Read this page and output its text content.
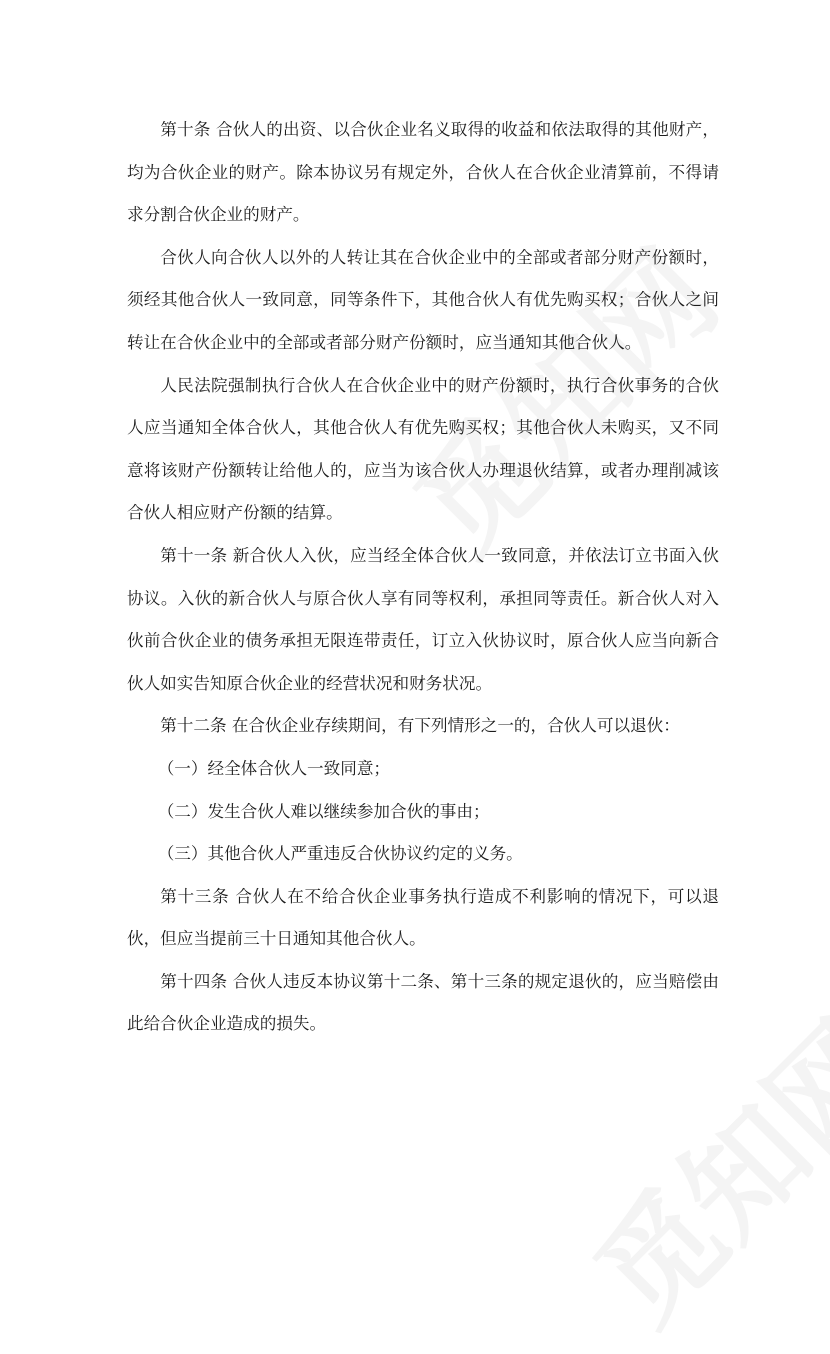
第十条 合伙人的出资、以合伙企业名义取得的收益和依法取得的其他财产，均为合伙企业的财产。除本协议另有规定外，合伙人在合伙企业清算前，不得请求分割合伙企业的财产。

合伙人向合伙人以外的人转让其在合伙企业中的全部或者部分财产份额时，须经其他合伙人一致同意，同等条件下，其他合伙人有优先购买权；合伙人之间转让在合伙企业中的全部或者部分财产份额时，应当通知其他合伙人。

人民法院强制执行合伙人在合伙企业中的财产份额时，执行合伙事务的合伙人应当通知全体合伙人，其他合伙人有优先购买权；其他合伙人未购买，又不同意将该财产份额转让给他人的，应当为该合伙人办理退伙结算，或者办理削减该合伙人相应财产份额的结算。

第十一条 新合伙人入伙，应当经全体合伙人一致同意，并依法订立书面入伙协议。入伙的新合伙人与原合伙人享有同等权利，承担同等责任。新合伙人对入伙前合伙企业的债务承担无限连带责任，订立入伙协议时，原合伙人应当向新合伙人如实告知原合伙企业的经营状况和财务状况。

第十二条 在合伙企业存续期间，有下列情形之一的，合伙人可以退伙：

（一）经全体合伙人一致同意；

（二）发生合伙人难以继续参加合伙的事由；

（三）其他合伙人严重违反合伙协议约定的义务。

第十三条 合伙人在不给合伙企业事务执行造成不利影响的情况下，可以退伙，但应当提前三十日通知其他合伙人。

第十四条 合伙人违反本协议第十二条、第十三条的规定退伙的，应当赔偿由此给合伙企业造成的损失。
